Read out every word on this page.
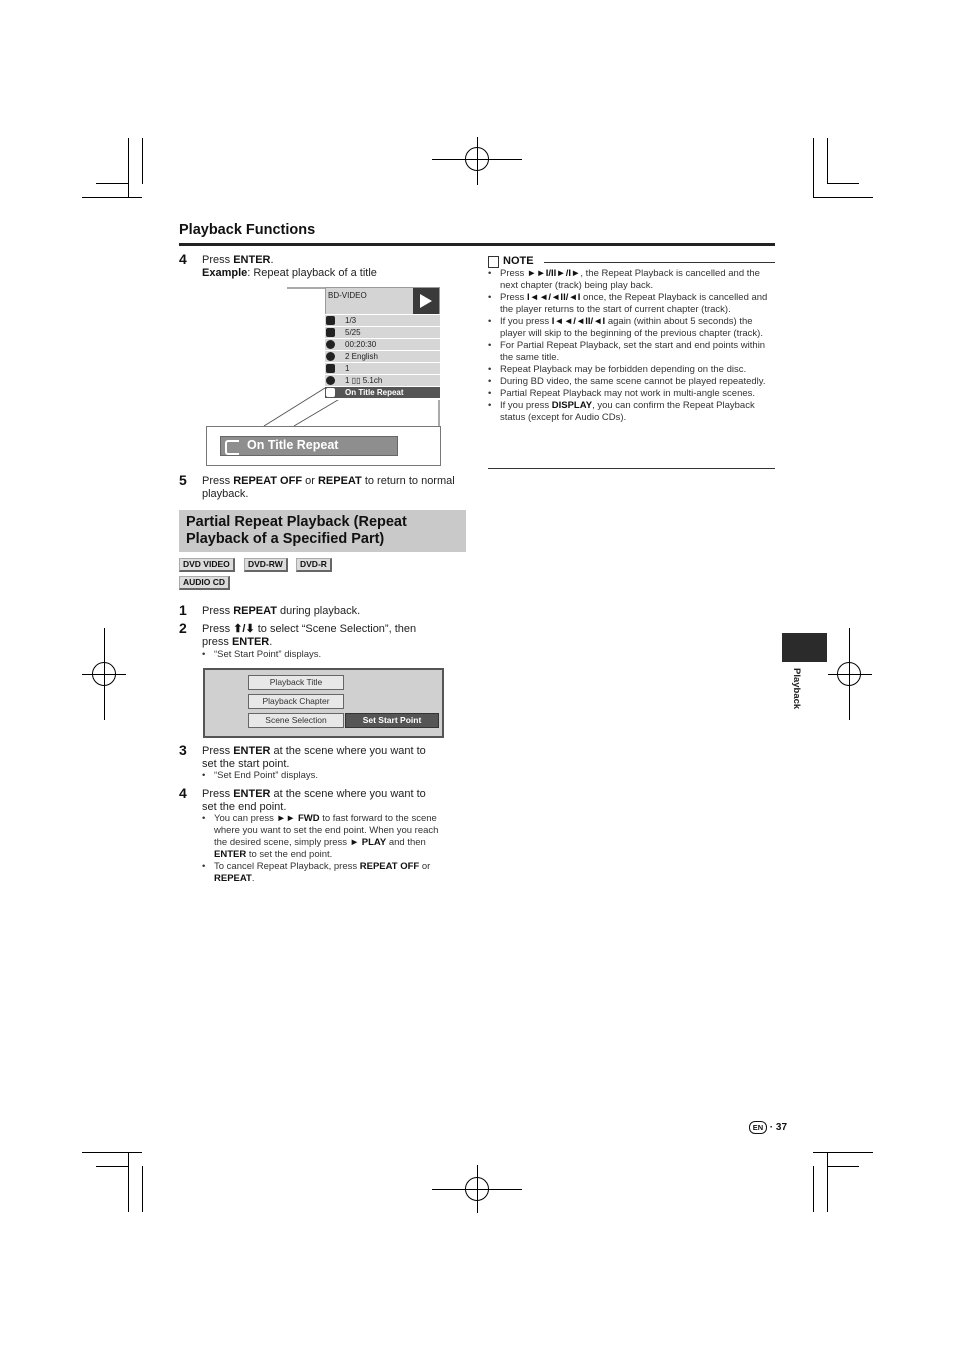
Playback Functions
4 Press ENTER.
Example: Repeat playback of a title
BD-VIDEO
1/3
5/25
00:20:30
2 English
1
1 ▯▯ 5.1ch
On Title Repeat
On Title Repeat
5 Press REPEAT OFF or REPEAT to return to normal playback.
Partial Repeat Playback (Repeat
Playback of a Specified Part)
DVD VIDEO	DVD-RW	DVD-R
AUDIO CD
1 Press REPEAT during playback.
2 Press ⬆/⬇ to select “Scene Selection”, then
press ENTER.
• “Set Start Point” displays.
Playback Title
Playback Chapter
Scene Selection	Set Start Point
3 Press ENTER at the scene where you want to
set the start point.
• “Set End Point” displays.
4 Press ENTER at the scene where you want to
set the end point.
• You can press ►► FWD to fast forward to the scene
where you want to set the end point. When you reach
the desired scene, simply press ► PLAY and then
ENTER to set the end point.
• To cancel Repeat Playback, press REPEAT OFF or
REPEAT.
NOTE
• Press ►►I/II►/I►, the Repeat Playback is cancelled and the next chapter (track) being play back.
• Press I◄◄/◄II/◄I once, the Repeat Playback is cancelled and the player returns to the start of current chapter (track).
• If you press I◄◄/◄II/◄I again (within about 5 seconds) the player will skip to the beginning of the previous chapter (track).
• For Partial Repeat Playback, set the start and end points within the same title.
• Repeat Playback may be forbidden depending on the disc.
• During BD video, the same scene cannot be played repeatedly.
• Partial Repeat Playback may not work in multi-angle scenes.
• If you press DISPLAY, you can confirm the Repeat Playback status (except for Audio CDs).
Playback
EN · 37
